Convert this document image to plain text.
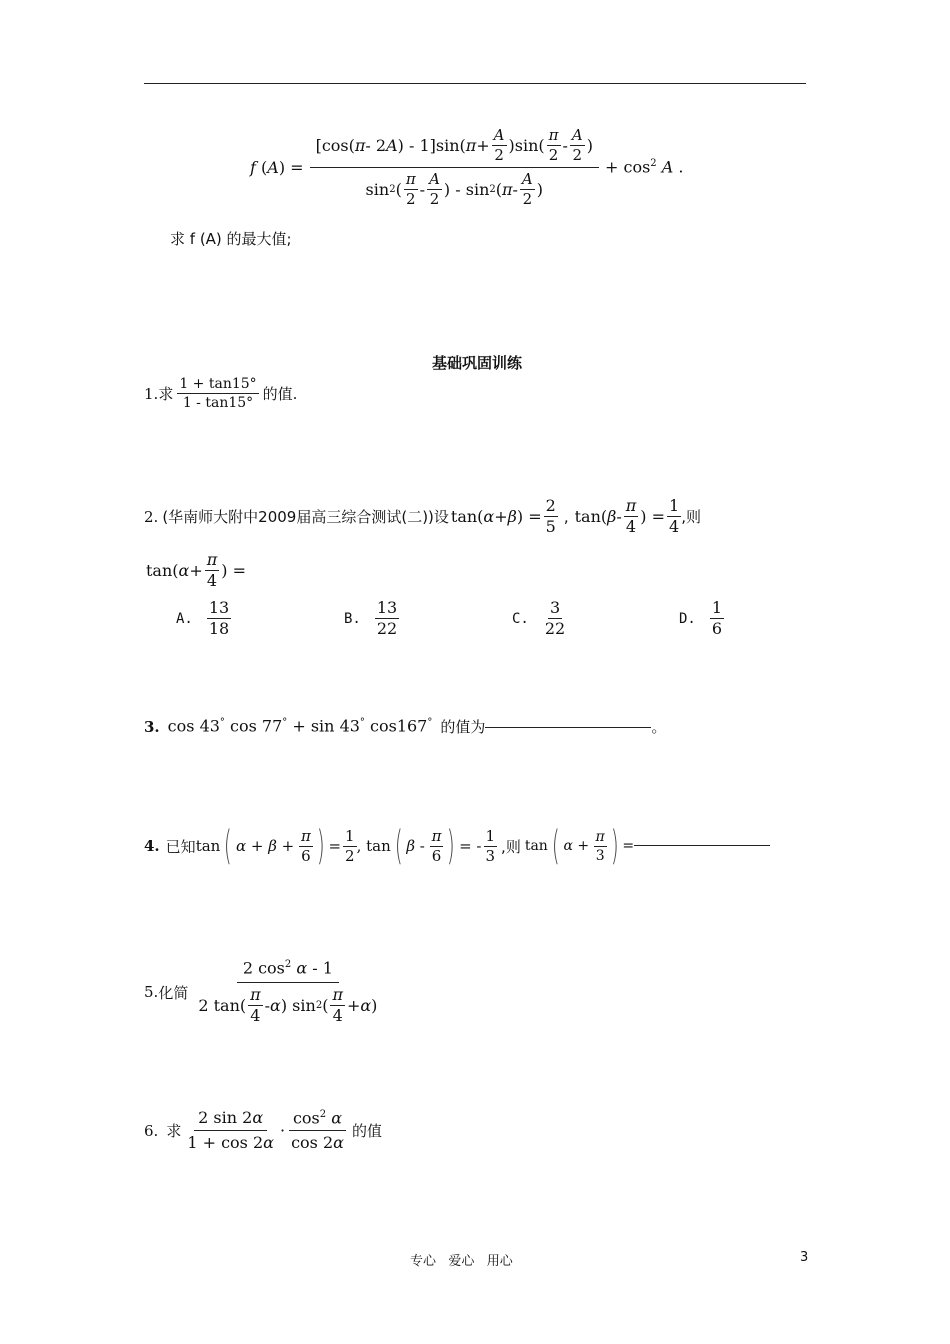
f $(A) = \frac{[\cos( \pi - 2 A ) - 1]\sin( \pi + \frac{A}{2} )\sin( \frac{\pi}{2} - \frac{A}{2} )}{\sin 2 ( \frac{\pi}{2} - \frac{A}{2} ) - \sin 2 ( \pi - \frac{A}{2} )} + \cos^2 A$ .
求 f (A) 的最大值;
基础巩固训练
1. 求 $\frac{1 + \tan 15^\circ}{1 - \tan 15^\circ}$ 的值.
2. (华南师大附中2009届高三综合测试(二))设 tan( α + β ) = $\frac{2}{5}$ , tan( β - $\frac{\pi}{4}$ ) = $\frac{1}{4}$ ,则
tan( $\alpha + \frac{\pi}{4}$ ) =
A. $\frac{13}{18}$	B. $\frac{13}{22}$	C. $\frac{3}{22}$	D. $\frac{1}{6}$
3. cos 43° cos 77° + sin 43° cos167° 的值为	。
4. 已知 tan ( $\alpha + \beta + \frac{\pi}{6}$ ) = $\frac{1}{2}$ , tan ( β - $\frac{\pi}{6}$ ) = - $\frac{1}{3}$ ,则 tan ( $\alpha + \frac{\pi}{3}$ ) =
5. 化简 $\frac{2 \cos^2 \alpha - 1}{2 \tan( \frac{\pi}{4} - \alpha ) \sin 2 ( \frac{\pi}{4} + \alpha )}$
6. 求 $\frac{2 \sin 2\alpha}{1 + \cos 2\alpha} \cdot \frac{\cos^2 \alpha}{\cos 2\alpha}$ 的值
专心   爱心   用心	3
